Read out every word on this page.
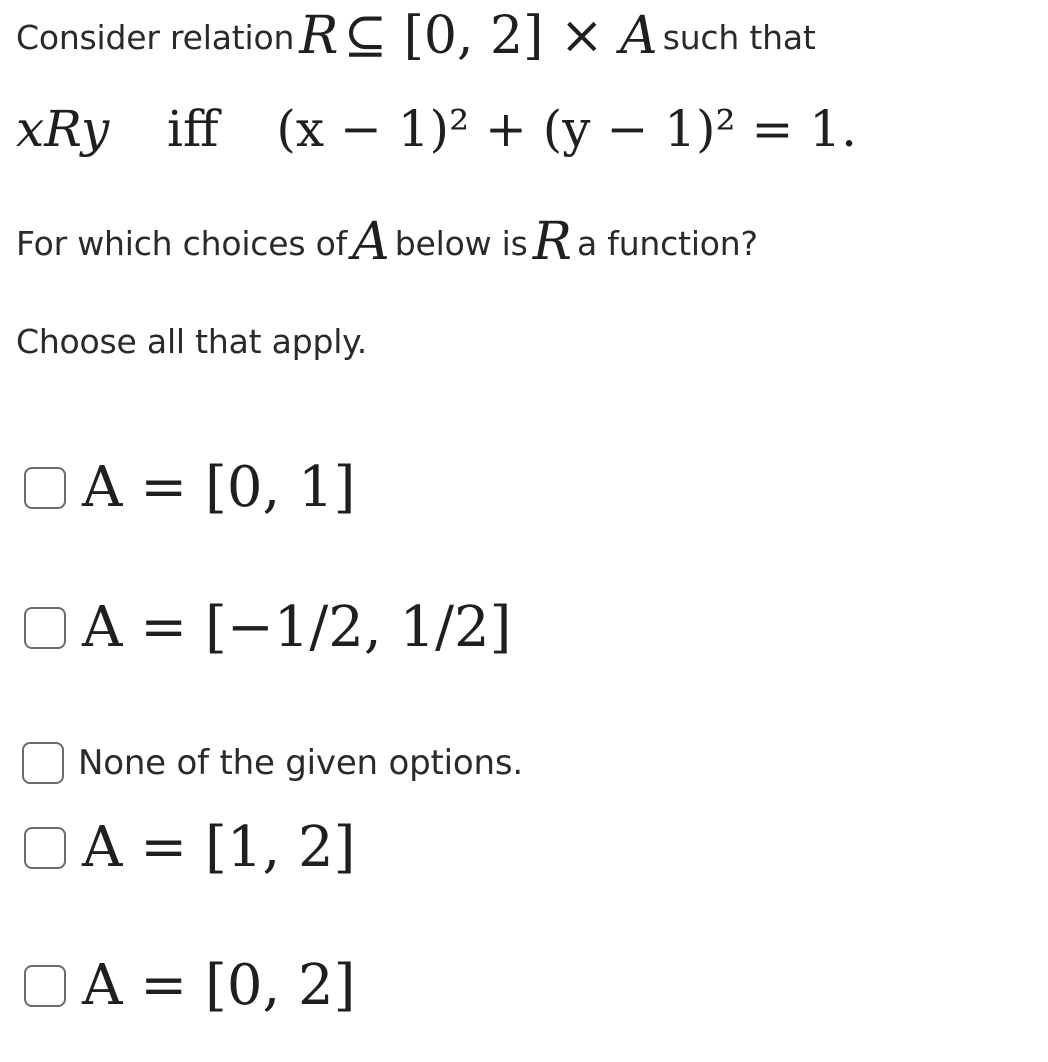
Consider relation R ⊆ [0, 2] × A such that
xRy iff (x − 1)² + (y − 1)² = 1.
For which choices of A below is R a function?
Choose all that apply.
A = [0, 1]
A = [−1/2, 1/2]
None of the given options.
A = [1, 2]
A = [0, 2]
